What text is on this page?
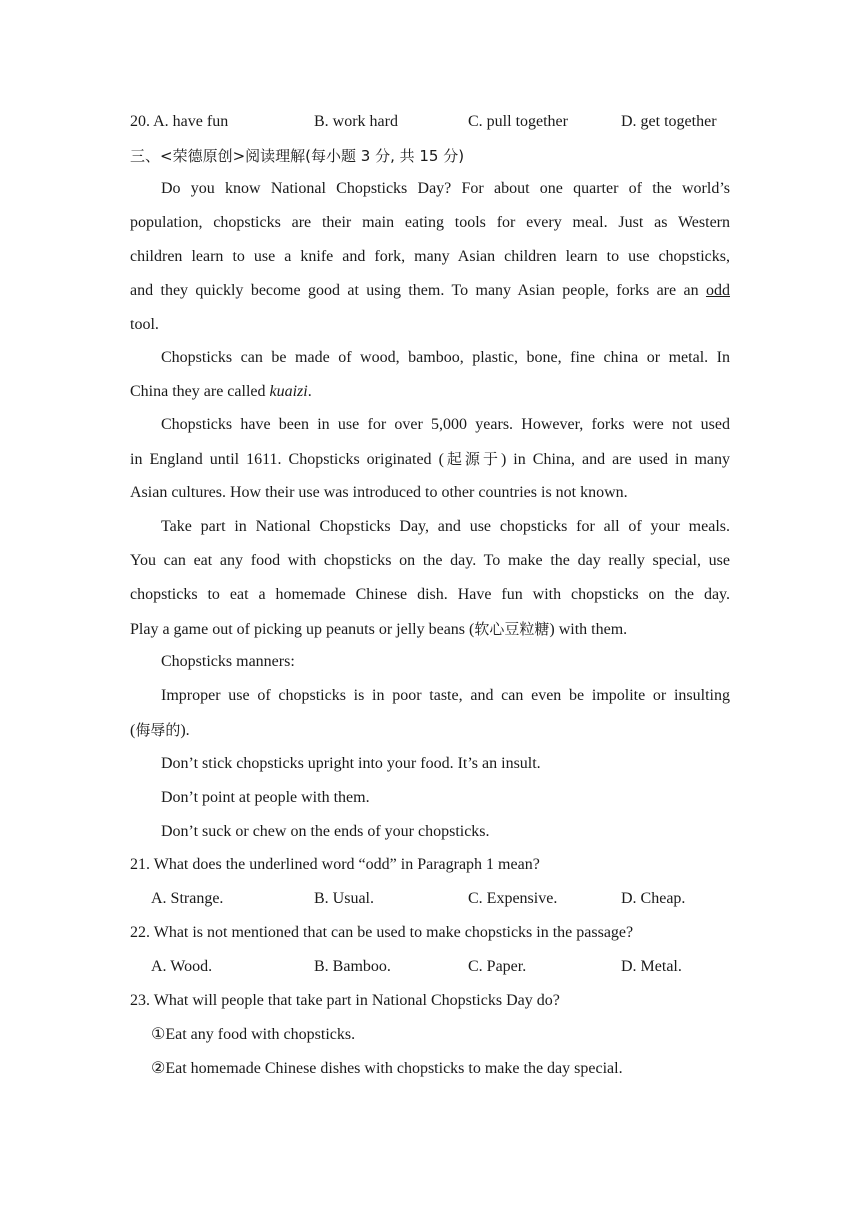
20. A. have fun	B. work hard	C. pull together	D. get together
三、<荣德原创>阅读理解(每小题 3 分, 共 15 分)
Do you know National Chopsticks Day? For about one quarter of the world’s
population, chopsticks are their main eating tools for every meal. Just as Western
children learn to use a knife and fork, many Asian children learn to use chopsticks,
and they quickly become good at using them. To many Asian people, forks are an odd
tool.
Chopsticks can be made of wood, bamboo, plastic, bone, fine china or metal. In
China they are called kuaizi.
Chopsticks have been in use for over 5,000 years. However, forks were not used
in England until 1611. Chopsticks originated (起源于) in China, and are used in many
Asian cultures. How their use was introduced to other countries is not known.
Take part in National Chopsticks Day, and use chopsticks for all of your meals.
You can eat any food with chopsticks on the day. To make the day really special, use
chopsticks to eat a homemade Chinese dish. Have fun with chopsticks on the day.
Play a game out of picking up peanuts or jelly beans (软心豆粒糖) with them.
Chopsticks manners:
Improper use of chopsticks is in poor taste, and can even be impolite or insulting
(侮辱的).
Don’t stick chopsticks upright into your food. It’s an insult.
Don’t point at people with them.
Don’t suck or chew on the ends of your chopsticks.
21. What does the underlined word “odd” in Paragraph 1 mean?
A. Strange.	B. Usual.	C. Expensive.	D. Cheap.
22. What is not mentioned that can be used to make chopsticks in the passage?
A. Wood.	B. Bamboo.	C. Paper.	D. Metal.
23. What will people that take part in National Chopsticks Day do?
①Eat any food with chopsticks.
②Eat homemade Chinese dishes with chopsticks to make the day special.
